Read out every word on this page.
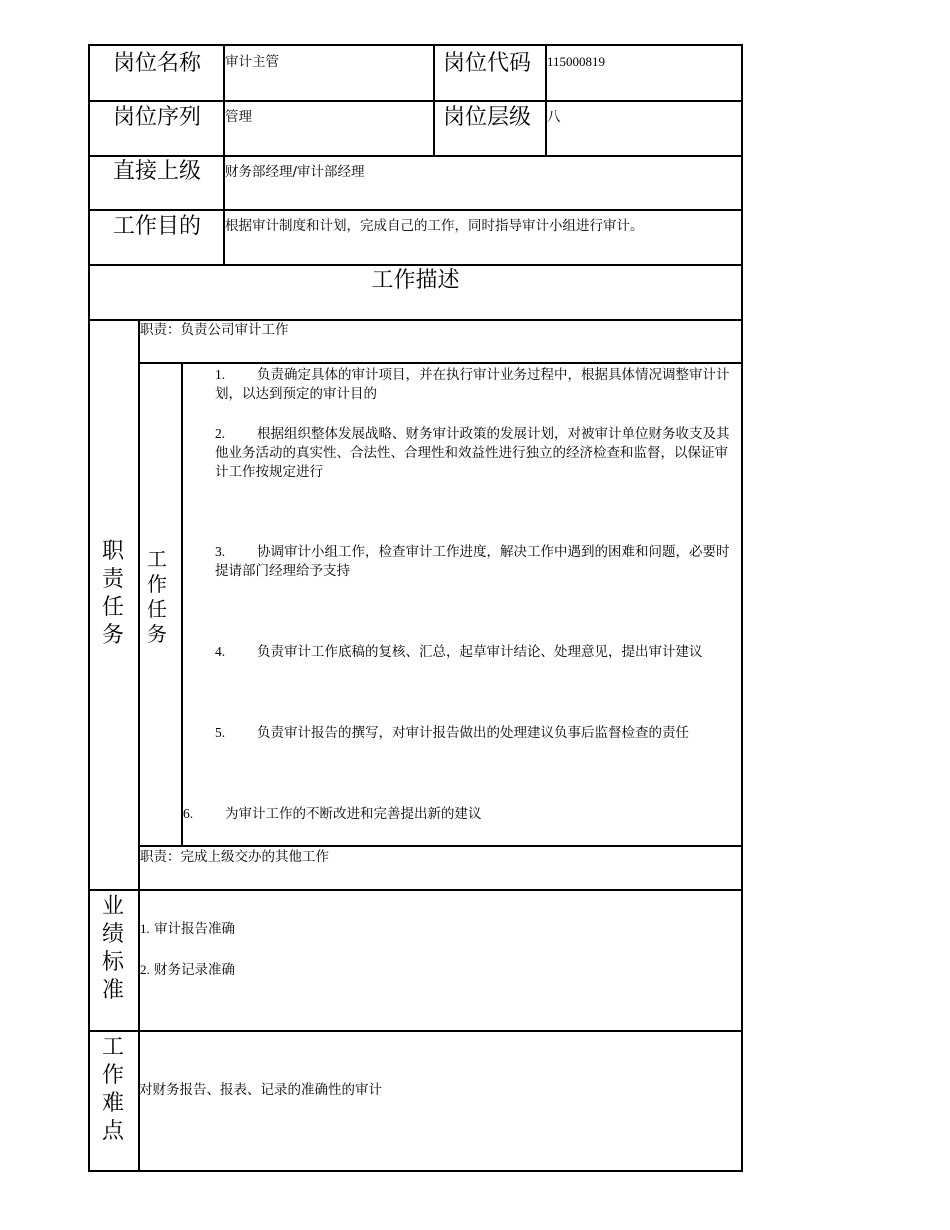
岗位名称 审计主管	岗位代码 115000819
岗位序列 管理	岗位层级 八
直接上级 财务部经理/审计部经理
工作目的 根据审计制度和计划，完成自己的工作，同时指导审计小组进行审计。
工作描述
职责任务
职责：负责公司审计工作
工作任务
1. 负责确定具体的审计项目，并在执行审计业务过程中，根据具体情况调整审计计划，以达到预定的审计目的
2. 根据组织整体发展战略、财务审计政策的发展计划，对被审计单位财务收支及其他业务活动的真实性、合法性、合理性和效益性进行独立的经济检查和监督，以保证审计工作按规定进行
3. 协调审计小组工作，检查审计工作进度，解决工作中遇到的困难和问题，必要时提请部门经理给予支持
4. 负责审计工作底稿的复核、汇总，起草审计结论、处理意见，提出审计建议
5. 负责审计报告的撰写，对审计报告做出的处理建议负事后监督检查的责任
6. 为审计工作的不断改进和完善提出新的建议
职责：完成上级交办的其他工作
业绩标准
1. 审计报告准确
2. 财务记录准确
工作难点
对财务报告、报表、记录的准确性的审计
